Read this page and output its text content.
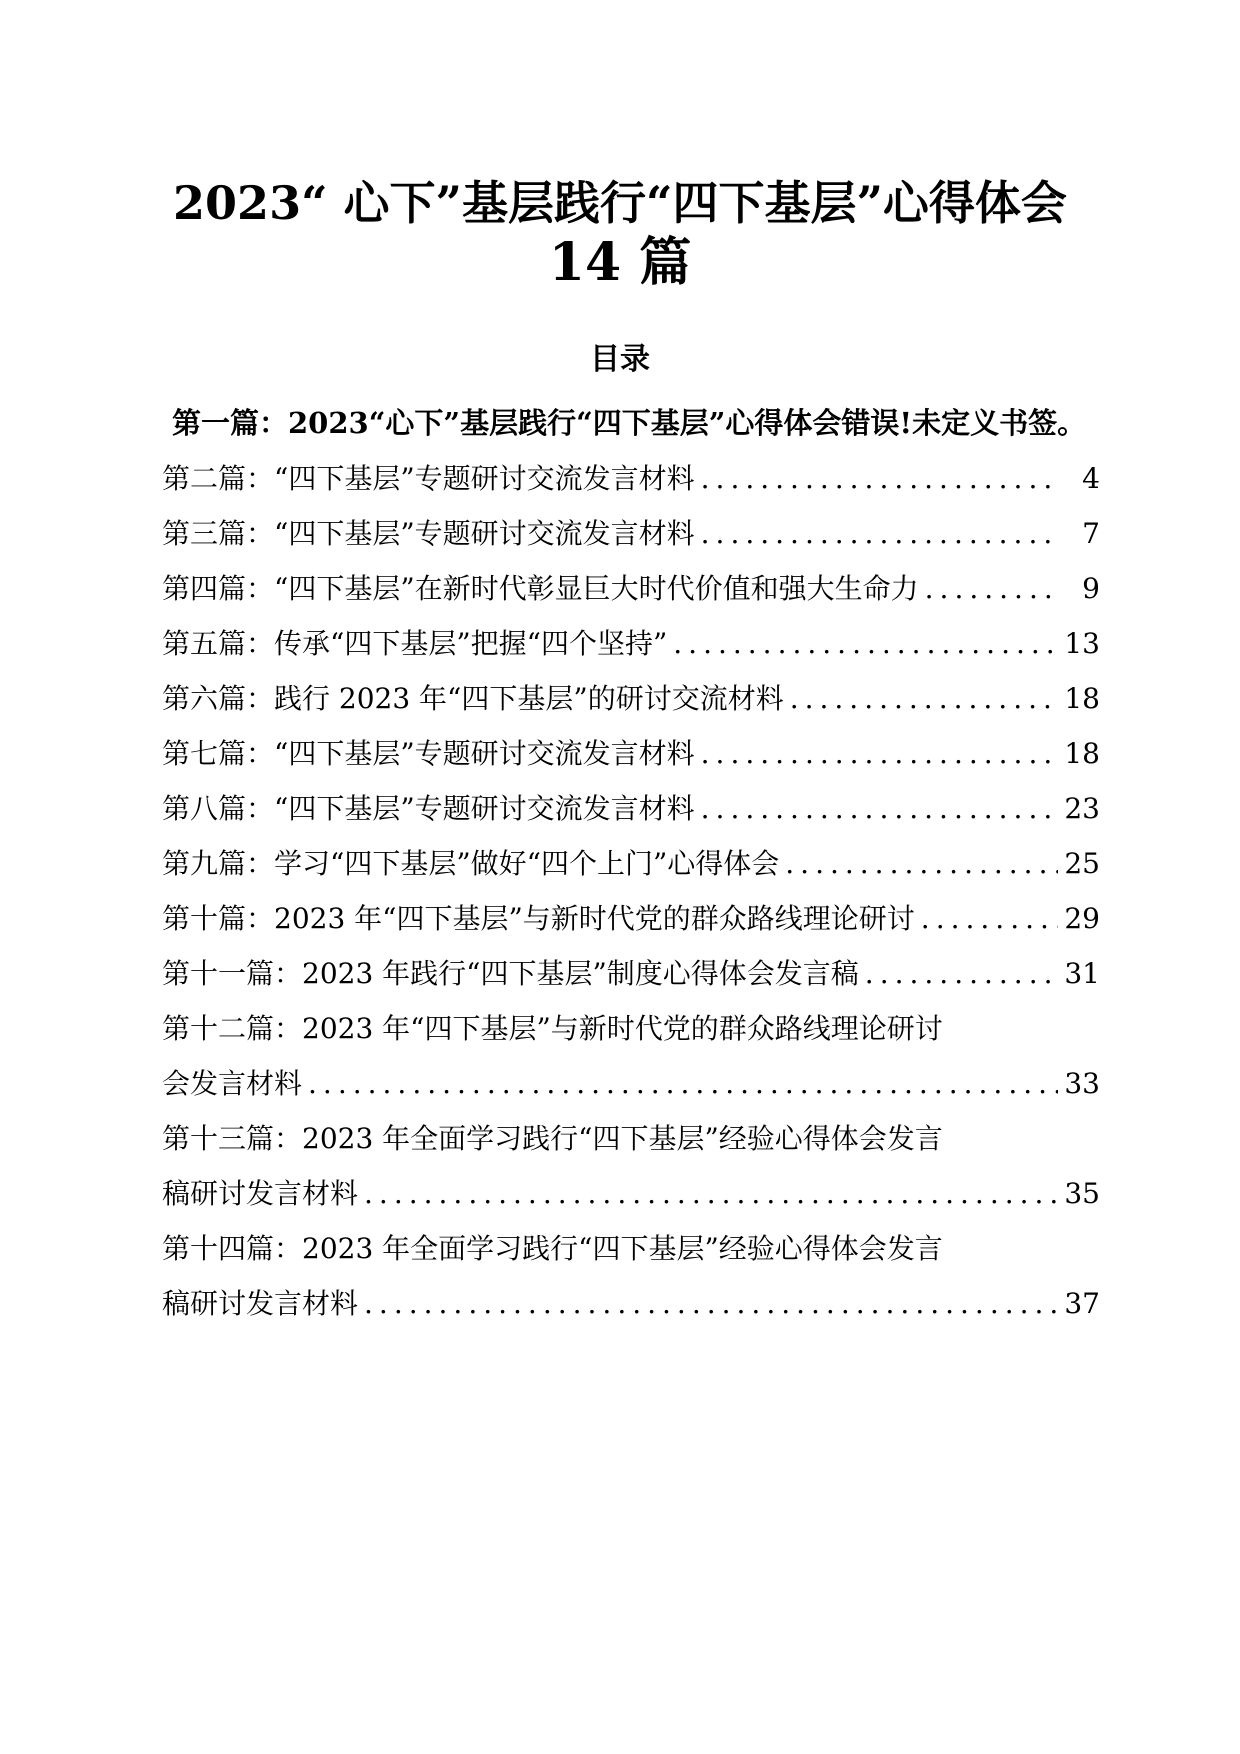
2023“ 心下”基层践行“四下基层”心得体会
14 篇
目录
第一篇：2023“心下”基层践行“四下基层”心得体会错误!未定义书签。
第二篇：“四下基层”专题研讨交流发言材料 .....	4
第三篇：“四下基层”专题研讨交流发言材料 .....	7
第四篇：“四下基层”在新时代彰显巨大时代价值和强大生命力 .....	9
第五篇：传承“四下基层”把握“四个坚持” .....	13
第六篇：践行 2023 年“四下基层”的研讨交流材料 .....	18
第七篇：“四下基层”专题研讨交流发言材料 .....	18
第八篇：“四下基层”专题研讨交流发言材料 .....	23
第九篇：学习“四下基层”做好“四个上门”心得体会 .....	25
第十篇：2023 年“四下基层”与新时代党的群众路线理论研讨 .....	29
第十一篇：2023 年践行“四下基层”制度心得体会发言稿 .....	31
第十二篇：2023 年“四下基层”与新时代党的群众路线理论研讨
会发言材料 .....	33
第十三篇：2023 年全面学习践行“四下基层”经验心得体会发言
稿研讨发言材料 .....	35
第十四篇：2023 年全面学习践行“四下基层”经验心得体会发言
稿研讨发言材料 .....	37
